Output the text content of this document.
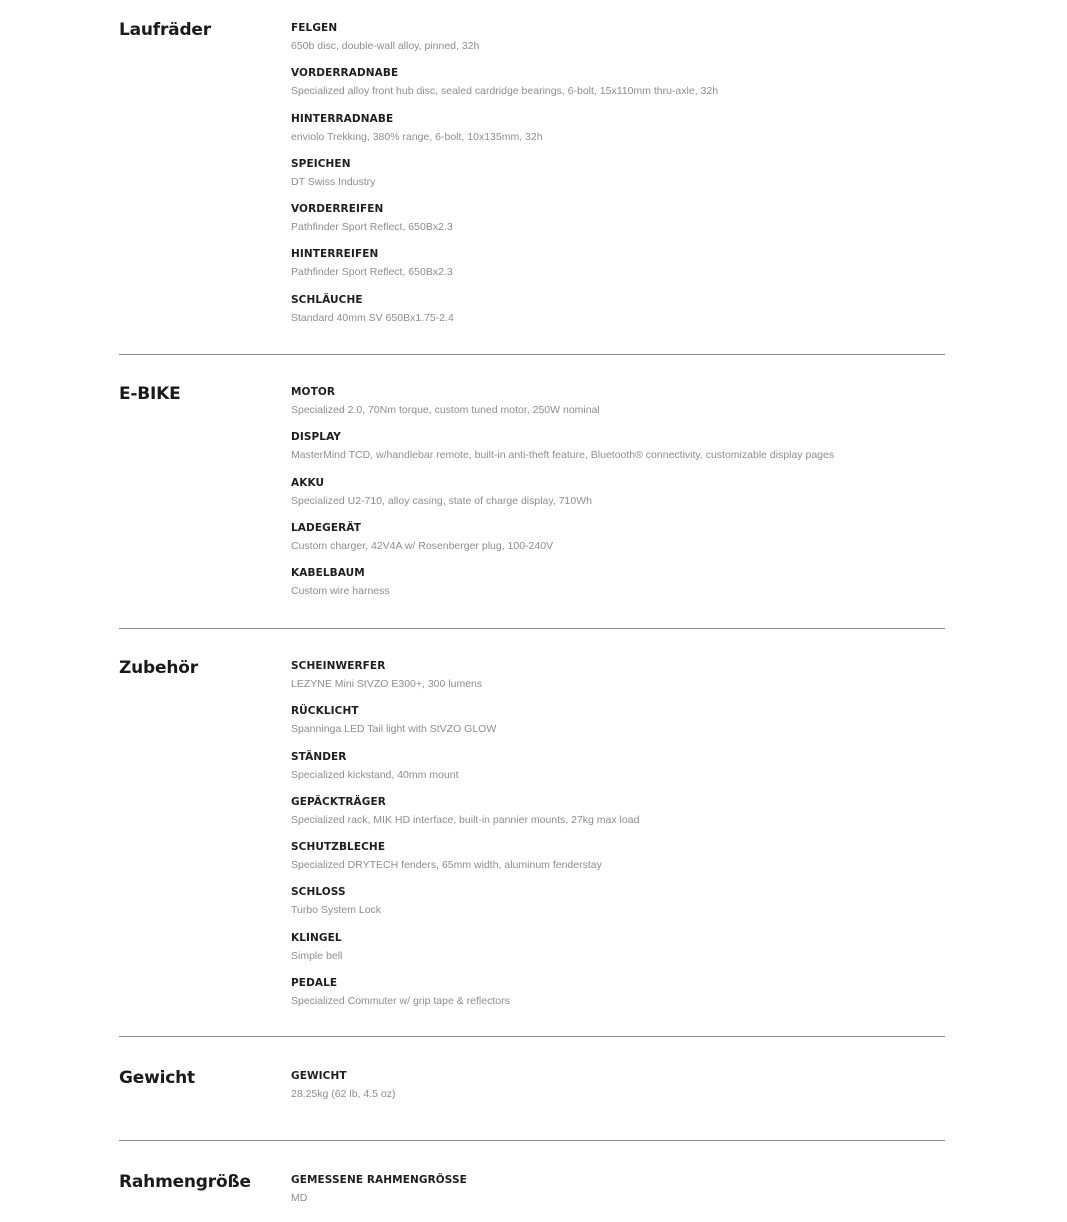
Laufräder	FELGEN
650b disc, double-wall alloy, pinned, 32h
VORDERRADNABE
Specialized alloy front hub disc, sealed cardridge bearings, 6-bolt, 15x110mm thru-axle, 32h
HINTERRADNABE
enviolo Trekking, 380% range, 6-bolt, 10x135mm, 32h
SPEICHEN
DT Swiss Industry
VORDERREIFEN
Pathfinder Sport Reflect, 650Bx2.3
HINTERREIFEN
Pathfinder Sport Reflect, 650Bx2.3
SCHLÄUCHE
Standard 40mm SV 650Bx1.75-2.4
E-BIKE	MOTOR
Specialized 2.0, 70Nm torque, custom tuned motor, 250W nominal
DISPLAY
MasterMind TCD, w/handlebar remote, built-in anti-theft feature, Bluetooth® connectivity, customizable display pages
AKKU
Specialized U2-710, alloy casing, state of charge display, 710Wh
LADEGERÄT
Custom charger, 42V4A w/ Rosenberger plug, 100-240V
KABELBAUM
Custom wire harness
Zubehör	SCHEINWERFER
LEZYNE Mini StVZO E300+, 300 lumens
RÜCKLICHT
Spanninga LED Tail light with StVZO GLOW
STÄNDER
Specialized kickstand, 40mm mount
GEPÄCKTRÄGER
Specialized rack, MIK HD interface, built-in pannier mounts, 27kg max load
SCHUTZBLECHE
Specialized DRYTECH fenders, 65mm width, aluminum fenderstay
SCHLOSS
Turbo System Lock
KLINGEL
Simple bell
PEDALE
Specialized Commuter w/ grip tape & reflectors
Gewicht	GEWICHT
28.25kg (62 lb, 4.5 oz)
Rahmengröße	GEMESSENE RAHMENGRÖSSE
MD
